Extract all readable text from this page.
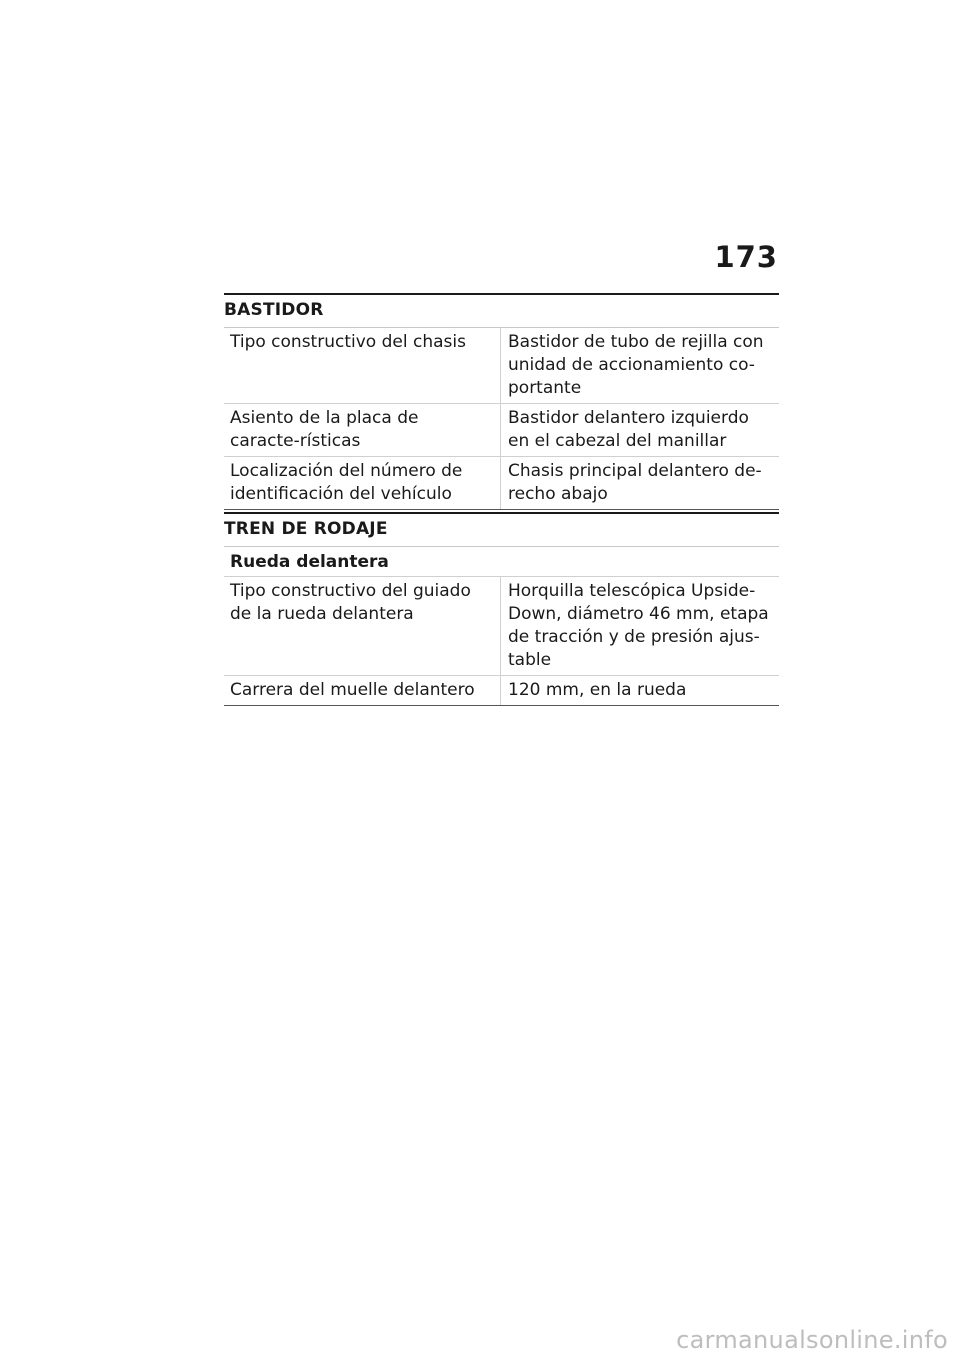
173
BASTIDOR
Tipo constructivo del chasis	Bastidor de tubo de rejilla con unidad de accionamiento co-portante
Asiento de la placa de caracte-rísticas
Bastidor delantero izquierdo en el cabezal del manillar
Localización del número de identificación del vehículo
Chasis principal delantero de-recho abajo
TREN DE RODAJE
Rueda delantera
Tipo constructivo del guiado de la rueda delantera
Horquilla telescópica Upside-Down, diámetro 46 mm, etapa de tracción y de presión ajus-table
Carrera del muelle delantero	120 mm, en la rueda
carmanualsonline.info
